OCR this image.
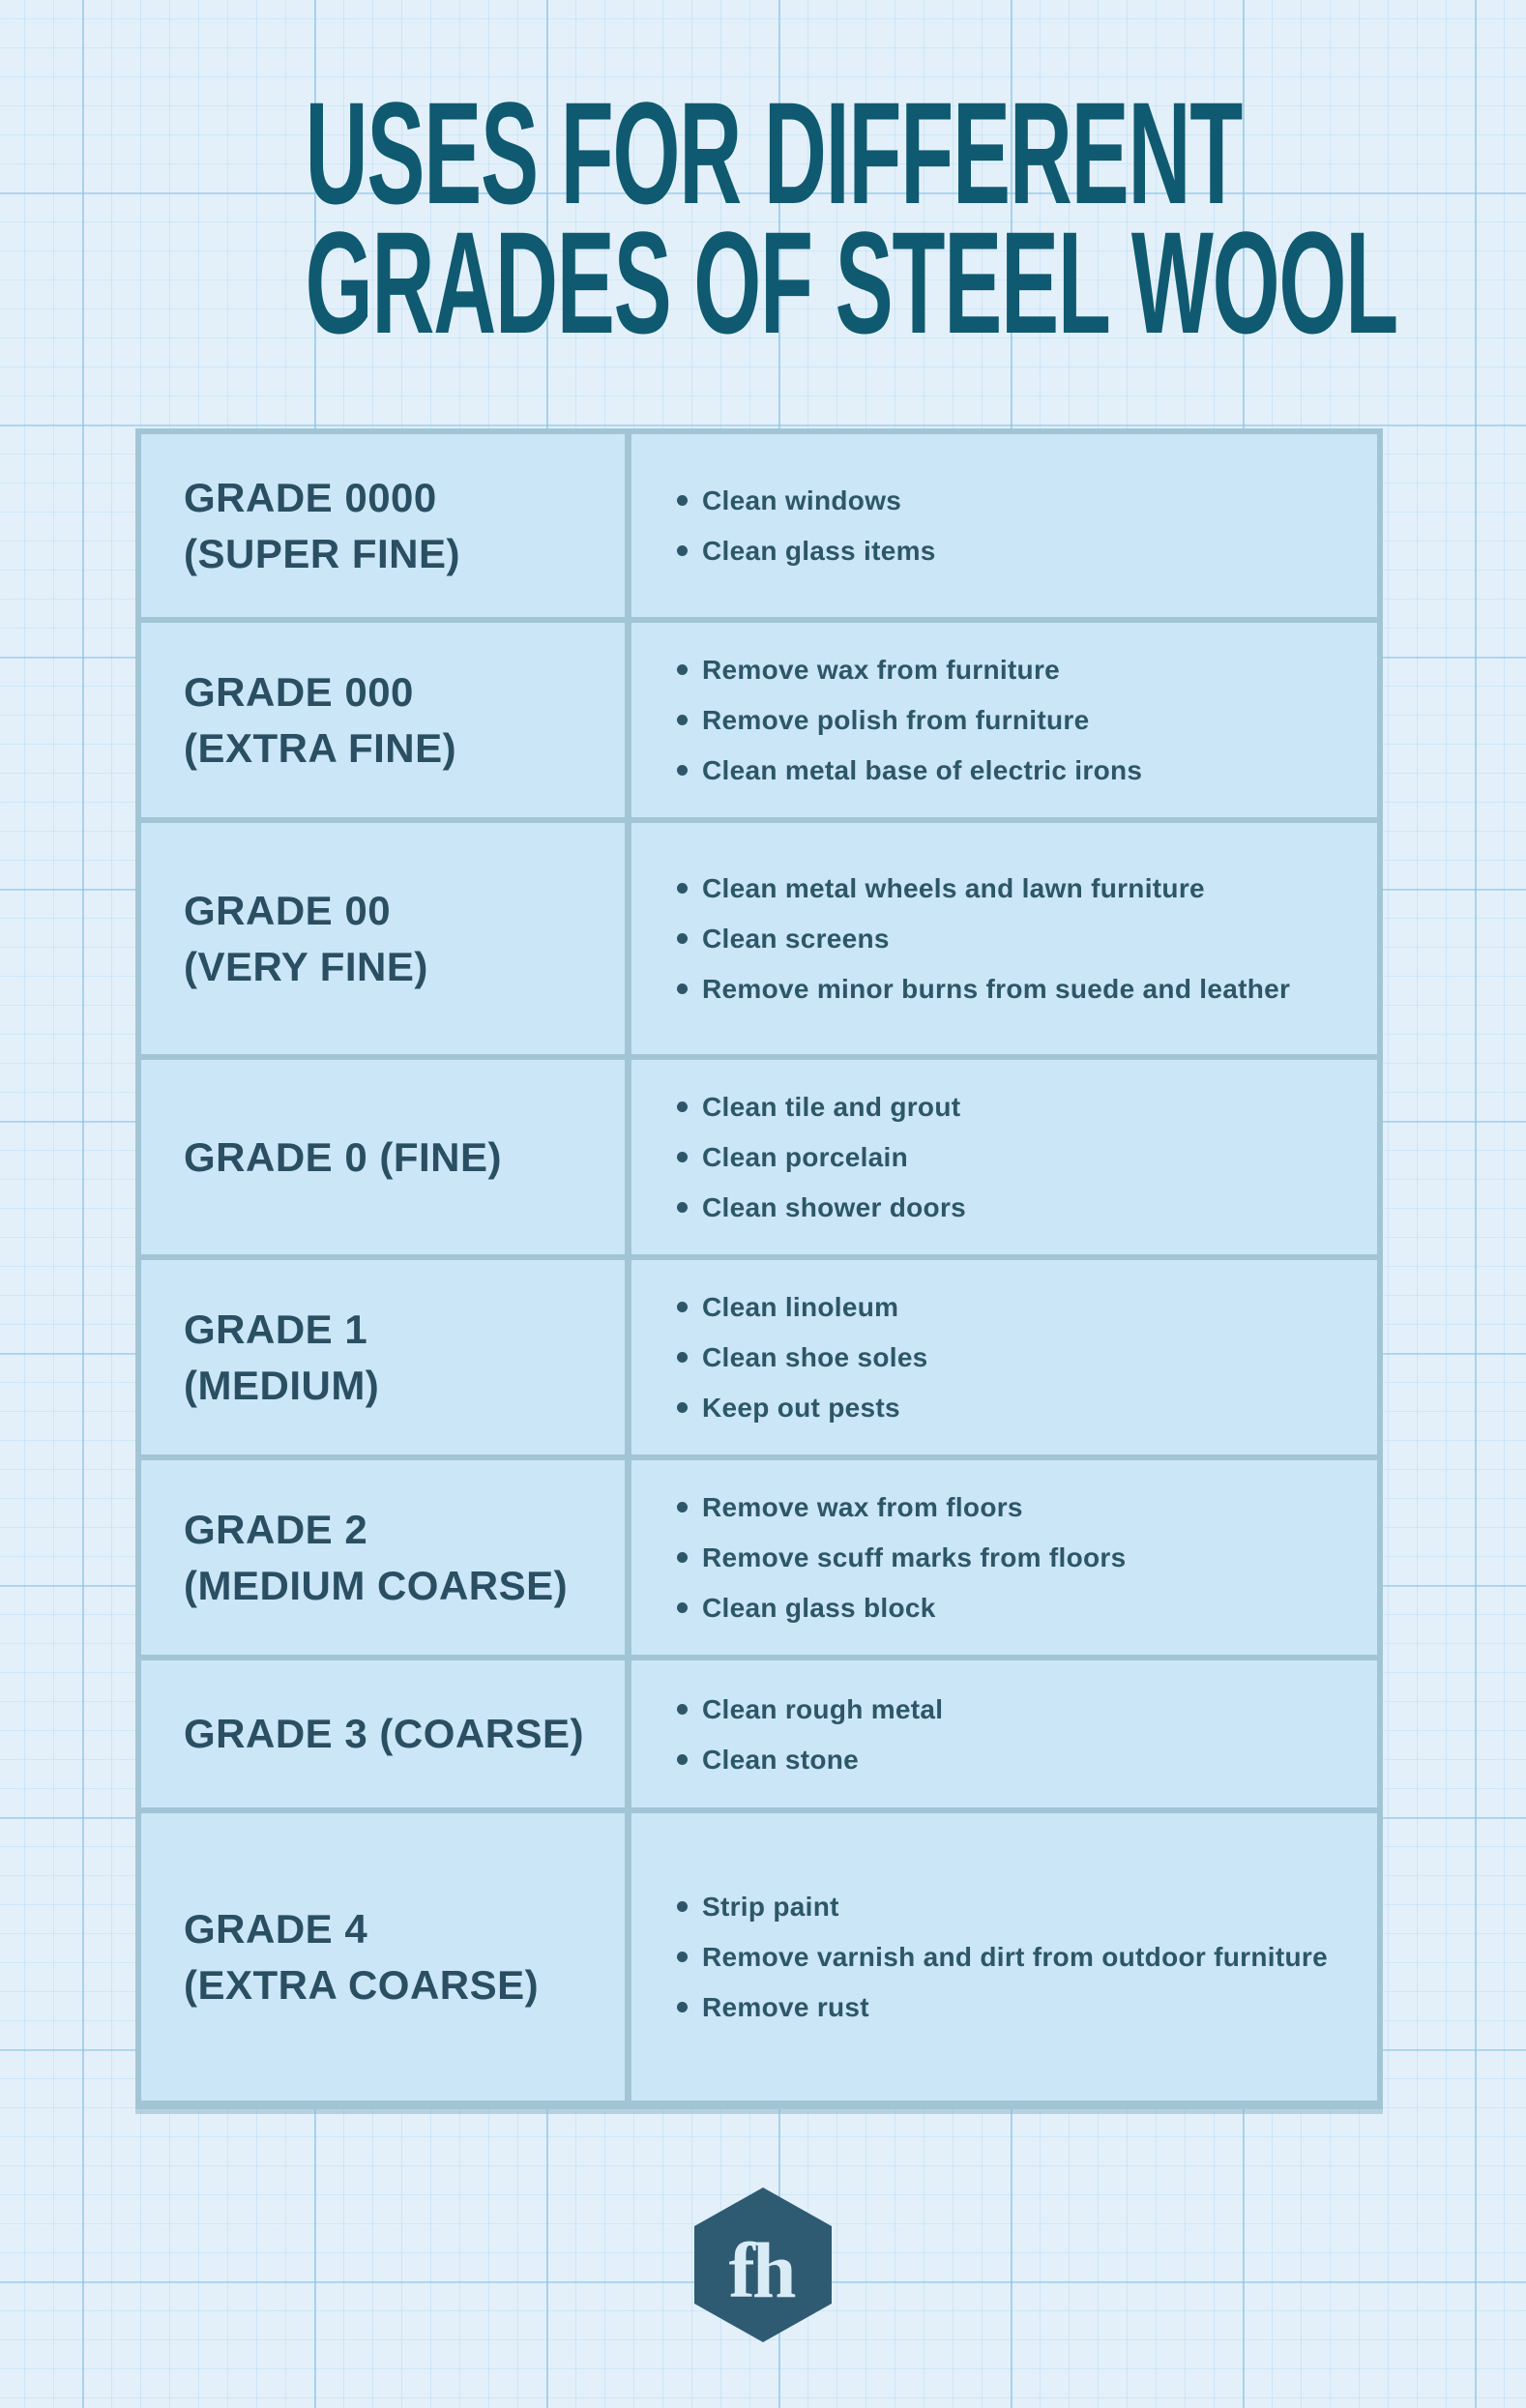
USES FOR DIFFERENT
GRADES OF STEEL WOOL
GRADE 0000
(SUPER FINE)
Clean windows
Clean glass items
GRADE 000
(EXTRA FINE)
Remove wax from furniture
Remove polish from furniture
Clean metal base of electric irons
GRADE 00
(VERY FINE)
Clean metal wheels and lawn furniture
Clean screens
Remove minor burns from suede and leather
GRADE 0 (FINE)
Clean tile and grout
Clean porcelain
Clean shower doors
GRADE 1
(MEDIUM)
Clean linoleum
Clean shoe soles
Keep out pests
GRADE 2
(MEDIUM COARSE)
Remove wax from floors
Remove scuff marks from floors
Clean glass block
GRADE 3 (COARSE)
Clean rough metal
Clean stone
GRADE 4
(EXTRA COARSE)
Strip paint
Remove varnish and dirt from outdoor furniture
Remove rust
fh
